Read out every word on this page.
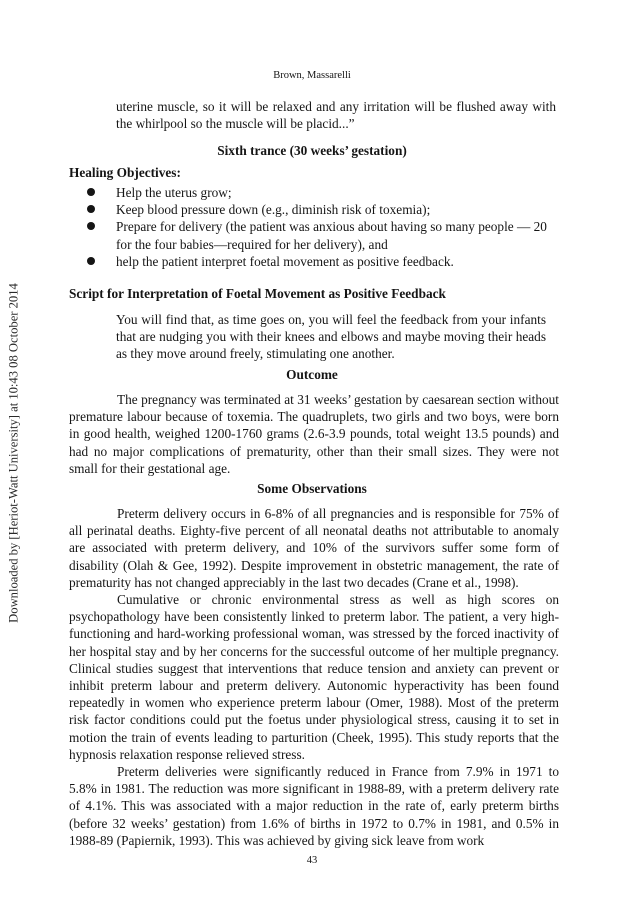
Downloaded by [Heriot-Watt University] at 10:43 08 October 2014
Brown, Massarelli

uterine muscle, so it will be relaxed and any irritation will be flushed away with the whirlpool so the muscle will be placid...”

Sixth trance (30 weeks’ gestation)

Healing Objectives:

Help the uterus grow;
Keep blood pressure down (e.g., diminish risk of toxemia);
Prepare for delivery (the patient was anxious about having so many people — 20 for the four babies—required for her delivery), and
help the patient interpret foetal movement as positive feedback.

Script for Interpretation of Foetal Movement as Positive Feedback

You will find that, as time goes on, you will feel the feedback from your infants that are nudging you with their knees and elbows and maybe moving their heads as they move around freely, stimulating one another.

Outcome

The pregnancy was terminated at 31 weeks’ gestation by caesarean section without premature labour because of toxemia. The quadruplets, two girls and two boys, were born in good health, weighed 1200-1760 grams (2.6-3.9 pounds, total weight 13.5 pounds) and had no major complications of prematurity, other than their small sizes. They were not small for their gestational age.

Some Observations

Preterm delivery occurs in 6-8% of all pregnancies and is responsible for 75% of all perinatal deaths. Eighty-five percent of all neonatal deaths not attributable to anomaly are associated with preterm delivery, and 10% of the survivors suffer some form of disability (Olah & Gee, 1992). Despite improvement in obstetric management, the rate of prematurity has not changed appreciably in the last two decades (Crane et al., 1998).

Cumulative or chronic environmental stress as well as high scores on psychopathology have been consistently linked to preterm labor. The patient, a very high-functioning and hard-working professional woman, was stressed by the forced inactivity of her hospital stay and by her concerns for the successful outcome of her multiple pregnancy. Clinical studies suggest that interventions that reduce tension and anxiety can prevent or inhibit preterm labour and preterm delivery. Autonomic hyperactivity has been found repeatedly in women who experience preterm labour (Omer, 1988). Most of the preterm risk factor conditions could put the foetus under physiological stress, causing it to set in motion the train of events leading to parturition (Cheek, 1995). This study reports that the hypnosis relaxation response relieved stress.

Preterm deliveries were significantly reduced in France from 7.9% in 1971 to 5.8% in 1981. The reduction was more significant in 1988-89, with a preterm delivery rate of 4.1%. This was associated with a major reduction in the rate of, early preterm births (before 32 weeks’ gestation) from 1.6% of births in 1972 to 0.7% in 1981, and 0.5% in 1988-89 (Papiernik, 1993). This was achieved by giving sick leave from work

43
